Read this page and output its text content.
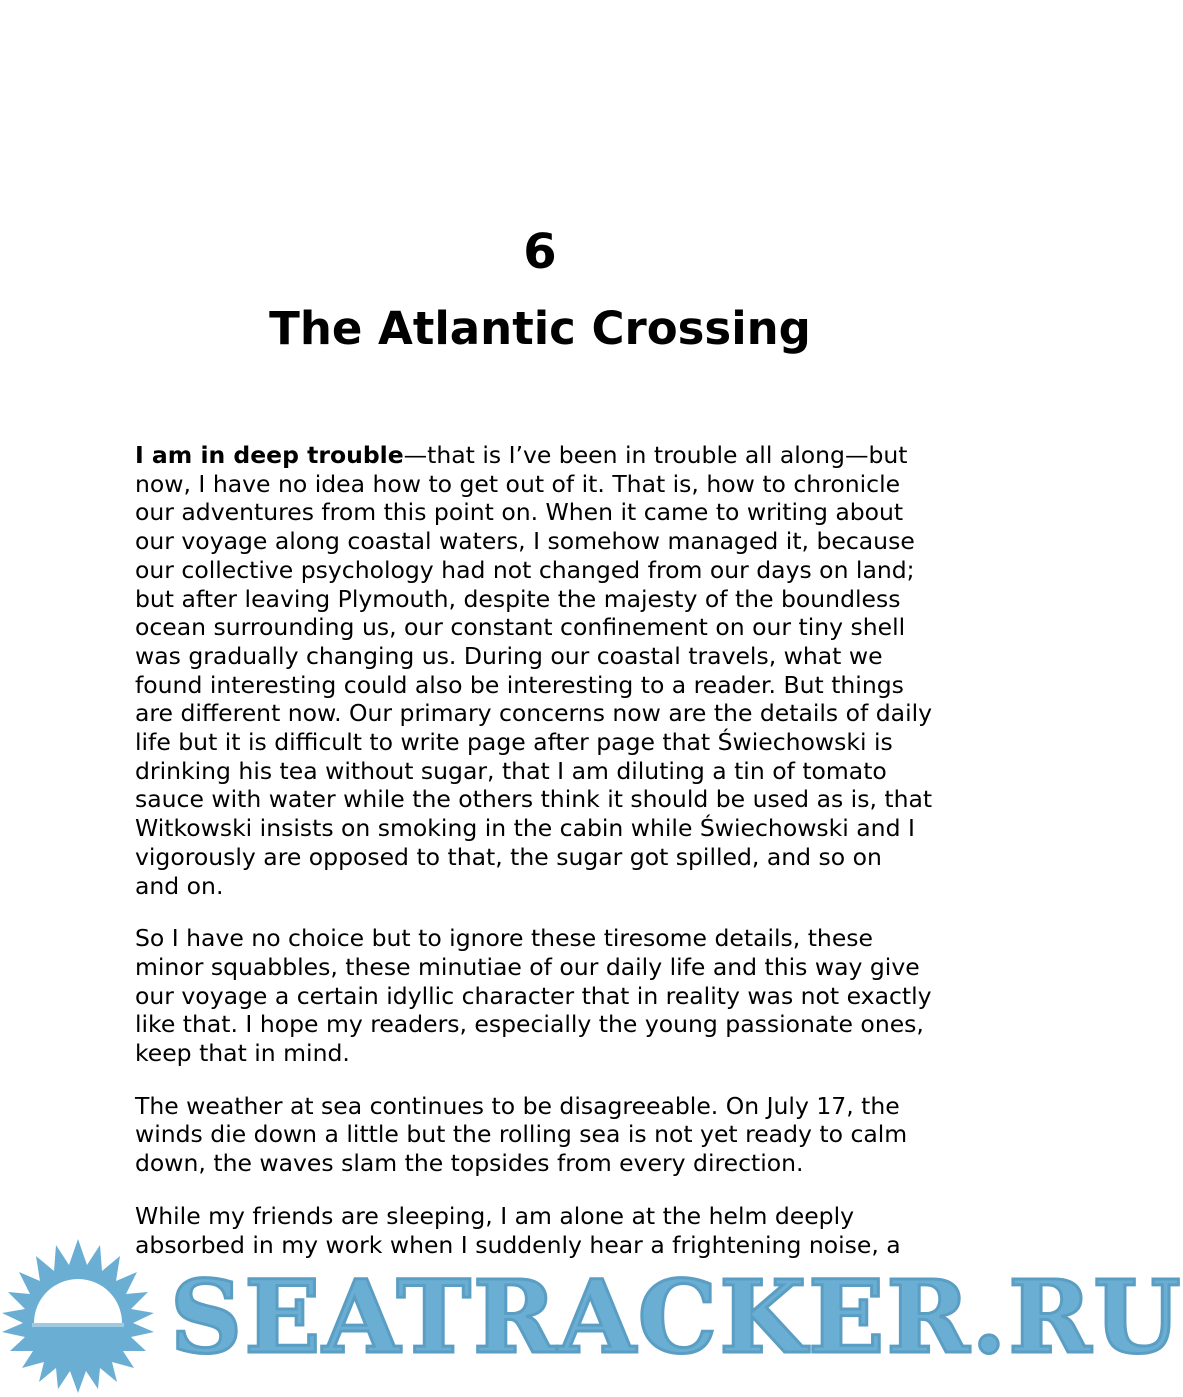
6
The Atlantic Crossing

I am in deep trouble—that is I’ve been in trouble all along—but
now, I have no idea how to get out of it. That is, how to chronicle
our adventures from this point on. When it came to writing about
our voyage along coastal waters, I somehow managed it, because
our collective psychology had not changed from our days on land;
but after leaving Plymouth, despite the majesty of the boundless
ocean surrounding us, our constant confinement on our tiny shell
was gradually changing us. During our coastal travels, what we
found interesting could also be interesting to a reader. But things
are different now. Our primary concerns now are the details of daily
life but it is difficult to write page after page that Świechowski is
drinking his tea without sugar, that I am diluting a tin of tomato
sauce with water while the others think it should be used as is, that
Witkowski insists on smoking in the cabin while Świechowski and I
vigorously are opposed to that, the sugar got spilled, and so on
and on.

So I have no choice but to ignore these tiresome details, these
minor squabbles, these minutiae of our daily life and this way give
our voyage a certain idyllic character that in reality was not exactly
like that. I hope my readers, especially the young passionate ones,
keep that in mind.

The weather at sea continues to be disagreeable. On July 17, the
winds die down a little but the rolling sea is not yet ready to calm
down, the waves slam the topsides from every direction.

While my friends are sleeping, I am alone at the helm deeply
absorbed in my work when I suddenly hear a frightening noise, a

SEATRACKER.RU
